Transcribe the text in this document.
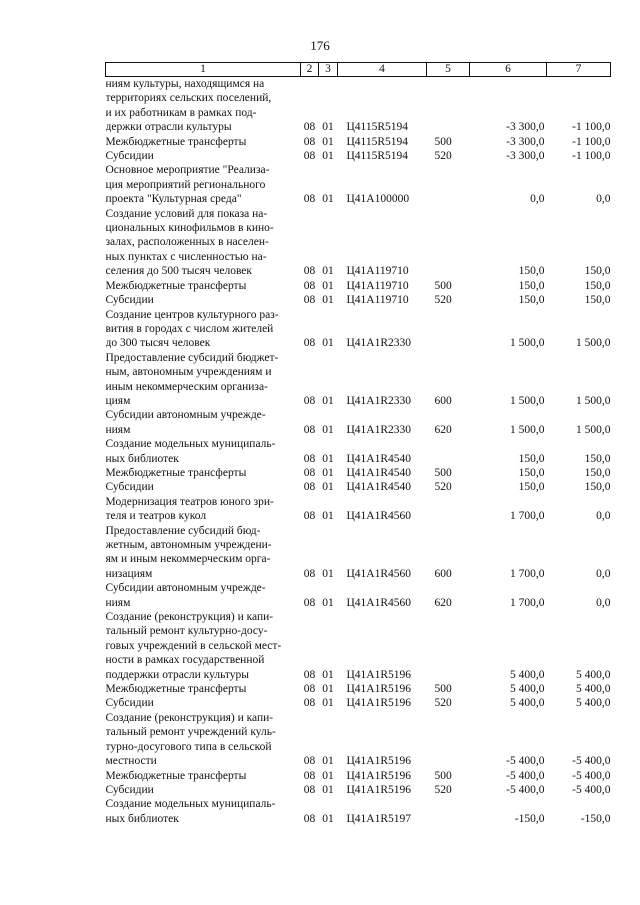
176
1	2	3	4	5	6	7

ниям культуры, находящимся на
территориях сельских поселений,
и их работникам в рамках под-
держки отрасли культуры	08	01	Ц4115R5194		-3 300,0	-1 100,0

Межбюджетные трансферты	08	01	Ц4115R5194	500	-3 300,0	-1 100,0

Субсидии	08	01	Ц4115R5194	520	-3 300,0	-1 100,0

Основное мероприятие "Реализа-
ция мероприятий регионального
проекта "Культурная среда"	08	01	Ц41А100000		0,0	0,0

Создание условий для показа на-
циональных кинофильмов в кино-
залах, расположенных в населен-
ных пунктах с численностью на-
селения до 500 тысяч человек	08	01	Ц41А119710		150,0	150,0

Межбюджетные трансферты	08	01	Ц41А119710	500	150,0	150,0

Субсидии	08	01	Ц41А119710	520	150,0	150,0

Создание центров культурного раз-
вития в городах с числом жителей
до 300 тысяч человек	08	01	Ц41А1R2330		1 500,0	1 500,0

Предоставление субсидий бюджет-
ным, автономным учреждениям и
иным некоммерческим организа-
циям	08	01	Ц41А1R2330	600	1 500,0	1 500,0

Субсидии автономным учрежде-
ниям	08	01	Ц41А1R2330	620	1 500,0	1 500,0

Создание модельных муниципаль-
ных библиотек	08	01	Ц41А1R4540		150,0	150,0

Межбюджетные трансферты	08	01	Ц41А1R4540	500	150,0	150,0

Субсидии	08	01	Ц41А1R4540	520	150,0	150,0

Модернизация театров юного зри-
теля и театров кукол	08	01	Ц41А1R4560		1 700,0	0,0

Предоставление субсидий бюд-
жетным, автономным учреждени-
ям и иным некоммерческим орга-
низациям	08	01	Ц41А1R4560	600	1 700,0	0,0

Субсидии автономным учрежде-
ниям	08	01	Ц41А1R4560	620	1 700,0	0,0

Создание (реконструкция) и капи-
тальный ремонт культурно-досу-
говых учреждений в сельской мест-
ности в рамках государственной
поддержки отрасли культуры	08	01	Ц41А1R5196		5 400,0	5 400,0

Межбюджетные трансферты	08	01	Ц41А1R5196	500	5 400,0	5 400,0

Субсидии	08	01	Ц41А1R5196	520	5 400,0	5 400,0

Создание (реконструкция) и капи-
тальный ремонт учреждений куль-
турно-досугового типа в сельской
местности	08	01	Ц41А1R5196		-5 400,0	-5 400,0

Межбюджетные трансферты	08	01	Ц41А1R5196	500	-5 400,0	-5 400,0

Субсидии	08	01	Ц41А1R5196	520	-5 400,0	-5 400,0

Создание модельных муниципаль-
ных библиотек	08	01	Ц41А1R5197		-150,0	-150,0
